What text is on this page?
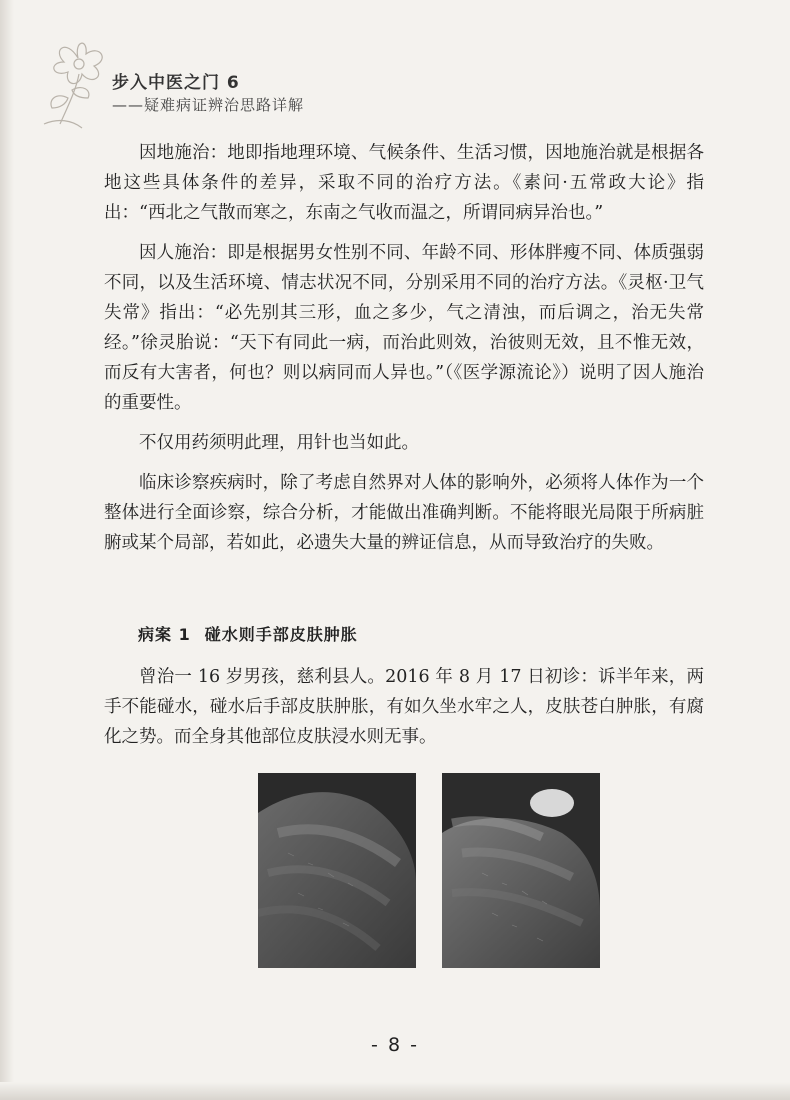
步入中医之门 6
——疑难病证辨治思路详解

因地施治：地即指地理环境、气候条件、生活习惯，因地施治就是根据各地这些具体条件的差异，采取不同的治疗方法。《素问·五常政大论》指出：“西北之气散而寒之，东南之气收而温之，所谓同病异治也。”

因人施治：即是根据男女性别不同、年龄不同、形体胖瘦不同、体质强弱不同，以及生活环境、情志状况不同，分别采用不同的治疗方法。《灵枢·卫气失常》指出：“必先别其三形，血之多少，气之清浊，而后调之，治无失常经。”徐灵胎说：“天下有同此一病，而治此则效，治彼则无效，且不惟无效，而反有大害者，何也？则以病同而人异也。”（《医学源流论》）说明了因人施治的重要性。

不仅用药须明此理，用针也当如此。

临床诊察疾病时，除了考虑自然界对人体的影响外，必须将人体作为一个整体进行全面诊察，综合分析，才能做出准确判断。不能将眼光局限于所病脏腑或某个局部，若如此，必遗失大量的辨证信息，从而导致治疗的失败。

病案 1 碰水则手部皮肤肿胀

曾治一 16 岁男孩，慈利县人。2016 年 8 月 17 日初诊：诉半年来，两手不能碰水，碰水后手部皮肤肿胀，有如久坐水牢之人，皮肤苍白肿胀，有腐化之势。而全身其他部位皮肤浸水则无事。

- 8 -
